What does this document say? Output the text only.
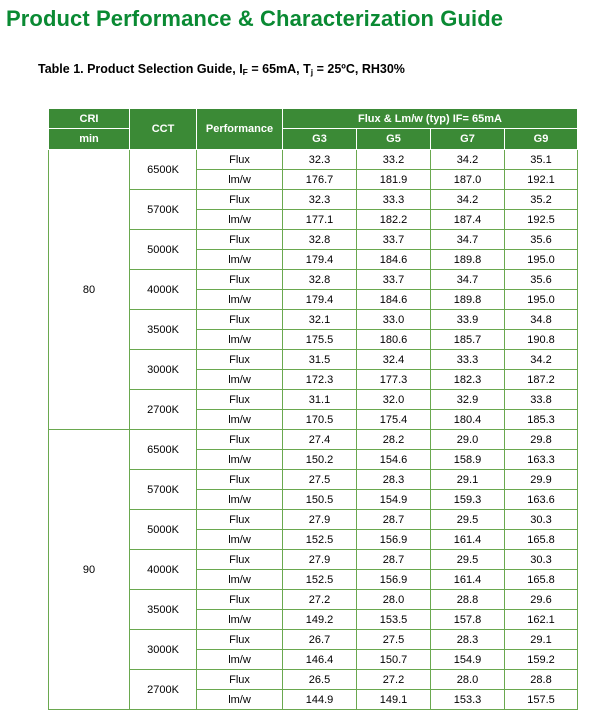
Product Performance & Characterization Guide

Table 1. Product Selection Guide, $I_F = 65mA$, $T_j$ = 25ºC, RH30%

CRI	CCT	Performance	Flux & Lm/w (typ) IF= 65mA			
min			G3	G5	G7	G9
80	6500K	Flux	32.3	33.2	34.2	35.1
		lm/w	176.7	181.9	187.0	192.1
	5700K	Flux	32.3	33.3	34.2	35.2
		lm/w	177.1	182.2	187.4	192.5
	5000K	Flux	32.8	33.7	34.7	35.6
		lm/w	179.4	184.6	189.8	195.0
	4000K	Flux	32.8	33.7	34.7	35.6
		lm/w	179.4	184.6	189.8	195.0
	3500K	Flux	32.1	33.0	33.9	34.8
		lm/w	175.5	180.6	185.7	190.8
	3000K	Flux	31.5	32.4	33.3	34.2
		lm/w	172.3	177.3	182.3	187.2
	2700K	Flux	31.1	32.0	32.9	33.8
		lm/w	170.5	175.4	180.4	185.3
90	6500K	Flux	27.4	28.2	29.0	29.8
		lm/w	150.2	154.6	158.9	163.3
	5700K	Flux	27.5	28.3	29.1	29.9
		lm/w	150.5	154.9	159.3	163.6
	5000K	Flux	27.9	28.7	29.5	30.3
		lm/w	152.5	156.9	161.4	165.8
	4000K	Flux	27.9	28.7	29.5	30.3
		lm/w	152.5	156.9	161.4	165.8
	3500K	Flux	27.2	28.0	28.8	29.6
		lm/w	149.2	153.5	157.8	162.1
	3000K	Flux	26.7	27.5	28.3	29.1
		lm/w	146.4	150.7	154.9	159.2
	2700K	Flux	26.5	27.2	28.0	28.8
		lm/w	144.9	149.1	153.3	157.5
